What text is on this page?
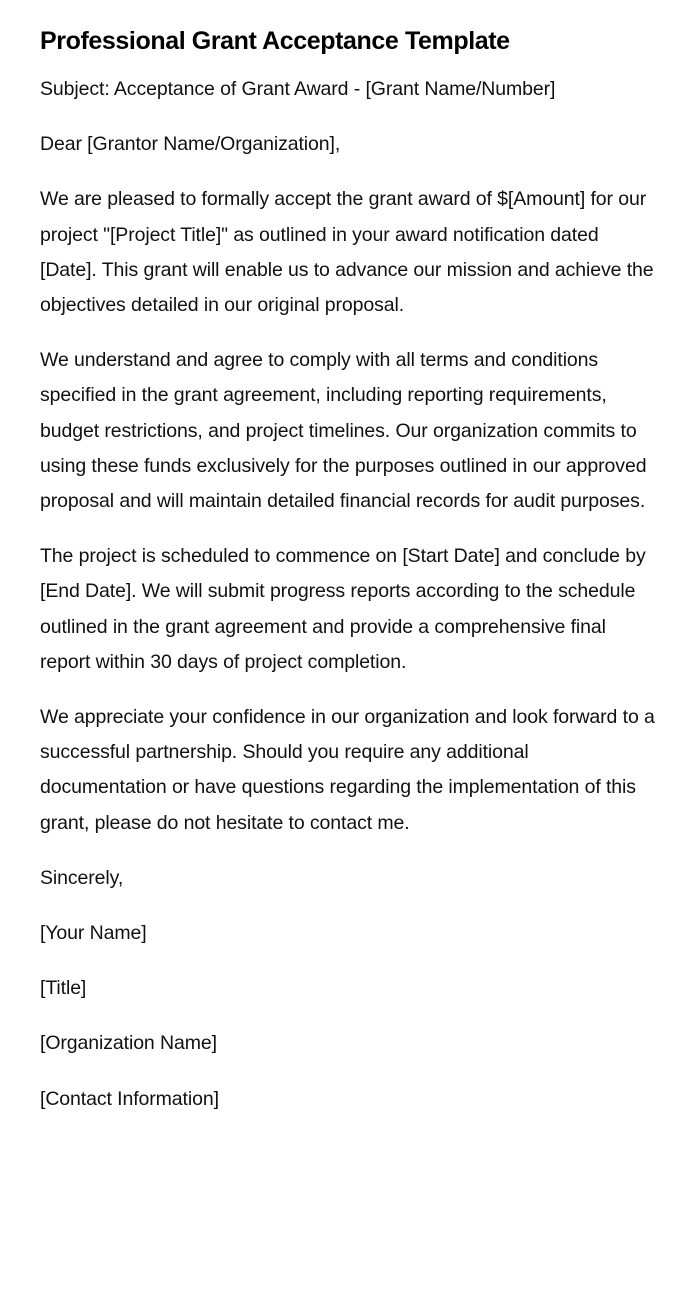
Professional Grant Acceptance Template

Subject: Acceptance of Grant Award - [Grant Name/Number]

Dear [Grantor Name/Organization],

We are pleased to formally accept the grant award of $[Amount] for our project "[Project Title]" as outlined in your award notification dated [Date]. This grant will enable us to advance our mission and achieve the objectives detailed in our original proposal.

We understand and agree to comply with all terms and conditions specified in the grant agreement, including reporting requirements, budget restrictions, and project timelines. Our organization commits to using these funds exclusively for the purposes outlined in our approved proposal and will maintain detailed financial records for audit purposes.

The project is scheduled to commence on [Start Date] and conclude by [End Date]. We will submit progress reports according to the schedule outlined in the grant agreement and provide a comprehensive final report within 30 days of project completion.

We appreciate your confidence in our organization and look forward to a successful partnership. Should you require any additional documentation or have questions regarding the implementation of this grant, please do not hesitate to contact me.

Sincerely,

[Your Name]

[Title]

[Organization Name]

[Contact Information]
